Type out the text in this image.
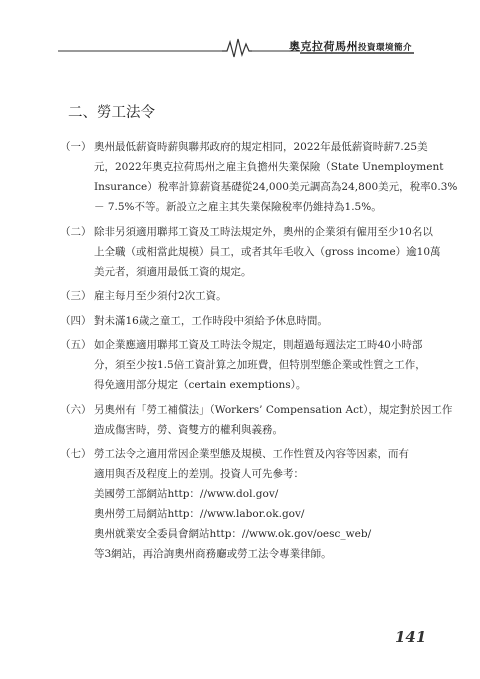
奧克拉荷馬州投資環境簡介
二、勞工法令
（一） 奧州最低薪資時薪與聯邦政府的規定相同，2022年最低薪資時薪7.25美
元，2022年奧克拉荷馬州之雇主負擔州失業保險（State Unemployment
Insurance）稅率計算薪資基礎從24,000美元調高為24,800美元，稅率0.3%
－ 7.5%不等。新設立之雇主其失業保險稅率仍維持為1.5%。
（二） 除非另須適用聯邦工資及工時法規定外，奧州的企業須有僱用至少10名以
上全職（或相當此規模）員工，或者其年毛收入（gross income）逾10萬
美元者，須適用最低工資的規定。
（三） 雇主每月至少須付2次工資。
（四） 對未滿16歲之童工，工作時段中須給予休息時間。
（五） 如企業應適用聯邦工資及工時法令規定，則超過每週法定工時40小時部
分，須至少按1.5倍工資計算之加班費，但特別型態企業或性質之工作，
得免適用部分規定（certain exemptions）。
（六） 另奧州有「勞工補償法」（Workers’ Compensation Act），規定對於因工作
造成傷害時，勞、資雙方的權利與義務。
（七） 勞工法令之適用常因企業型態及規模、工作性質及內容等因素，而有
適用與否及程度上的差別。投資人可先參考：
美國勞工部網站http：//www.dol.gov/
奧州勞工局網站http：//www.labor.ok.gov/
奧州就業安全委員會網站http：//www.ok.gov/oesc_web/
等3網站，再洽詢奧州商務廳或勞工法令專業律師。
141
